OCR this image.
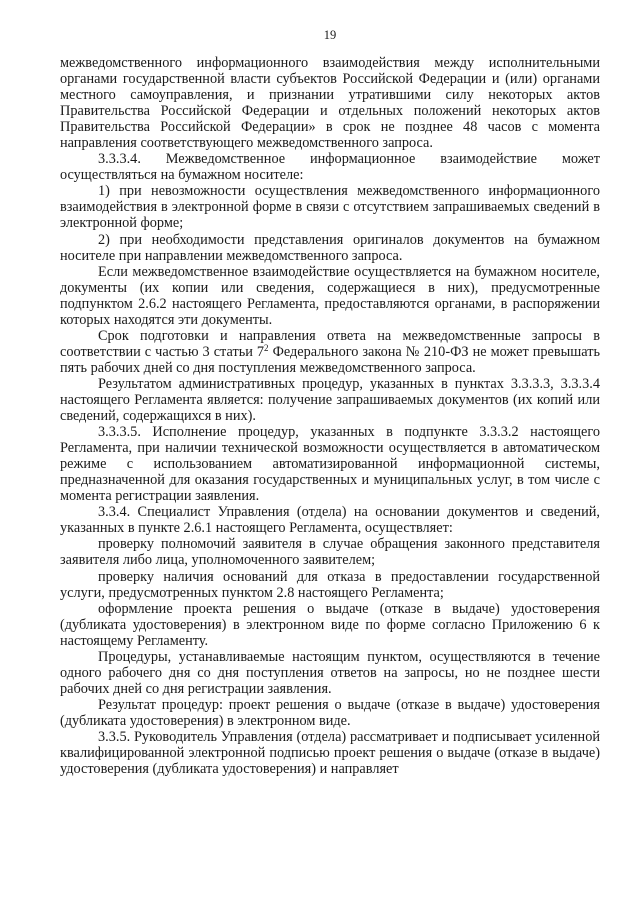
19

межведомственного информационного взаимодействия между исполнительными органами государственной власти субъектов Российской Федерации и (или) органами местного самоуправления, и признании утратившими силу некоторых актов Правительства Российской Федерации и отдельных положений некоторых актов Правительства Российской Федерации» в срок не позднее 48 часов с момента направления соответствующего межведомственного запроса.

3.3.3.4. Межведомственное информационное взаимодействие может осуществляться на бумажном носителе:

1) при невозможности осуществления межведомственного информационного взаимодействия в электронной форме в связи с отсутствием запрашиваемых сведений в электронной форме;

2) при необходимости представления оригиналов документов на бумажном носителе при направлении межведомственного запроса.

Если межведомственное взаимодействие осуществляется на бумажном носителе, документы (их копии или сведения, содержащиеся в них), предусмотренные подпунктом 2.6.2 настоящего Регламента, предоставляются органами, в распоряжении которых находятся эти документы.

Срок подготовки и направления ответа на межведомственные запросы в соответствии с частью 3 статьи $7^2$ Федерального закона № 210-ФЗ не может превышать пять рабочих дней со дня поступления межведомственного запроса.

Результатом административных процедур, указанных в пунктах 3.3.3.3, 3.3.3.4 настоящего Регламента является: получение запрашиваемых документов (их копий или сведений, содержащихся в них).

3.3.3.5. Исполнение процедур, указанных в подпункте 3.3.3.2 настоящего Регламента, при наличии технической возможности осуществляется в автоматическом режиме с использованием автоматизированной информационной системы, предназначенной для оказания государственных и муниципальных услуг, в том числе с момента регистрации заявления.

3.3.4. Специалист Управления (отдела) на основании документов и сведений, указанных в пункте 2.6.1 настоящего Регламента, осуществляет:

проверку полномочий заявителя в случае обращения законного представителя заявителя либо лица, уполномоченного заявителем;

проверку наличия оснований для отказа в предоставлении государственной услуги, предусмотренных пунктом 2.8 настоящего Регламента;

оформление проекта решения о выдаче (отказе в выдаче) удостоверения (дубликата удостоверения) в электронном виде по форме согласно Приложению 6 к настоящему Регламенту.

Процедуры, устанавливаемые настоящим пунктом, осуществляются в течение одного рабочего дня со дня поступления ответов на запросы, но не позднее шести рабочих дней со дня регистрации заявления.

Результат процедур: проект решения о выдаче (отказе в выдаче) удостоверения (дубликата удостоверения) в электронном виде.

3.3.5. Руководитель Управления (отдела) рассматривает и подписывает усиленной квалифицированной электронной подписью проект решения о выдаче (отказе в выдаче) удостоверения (дубликата удостоверения) и направляет
